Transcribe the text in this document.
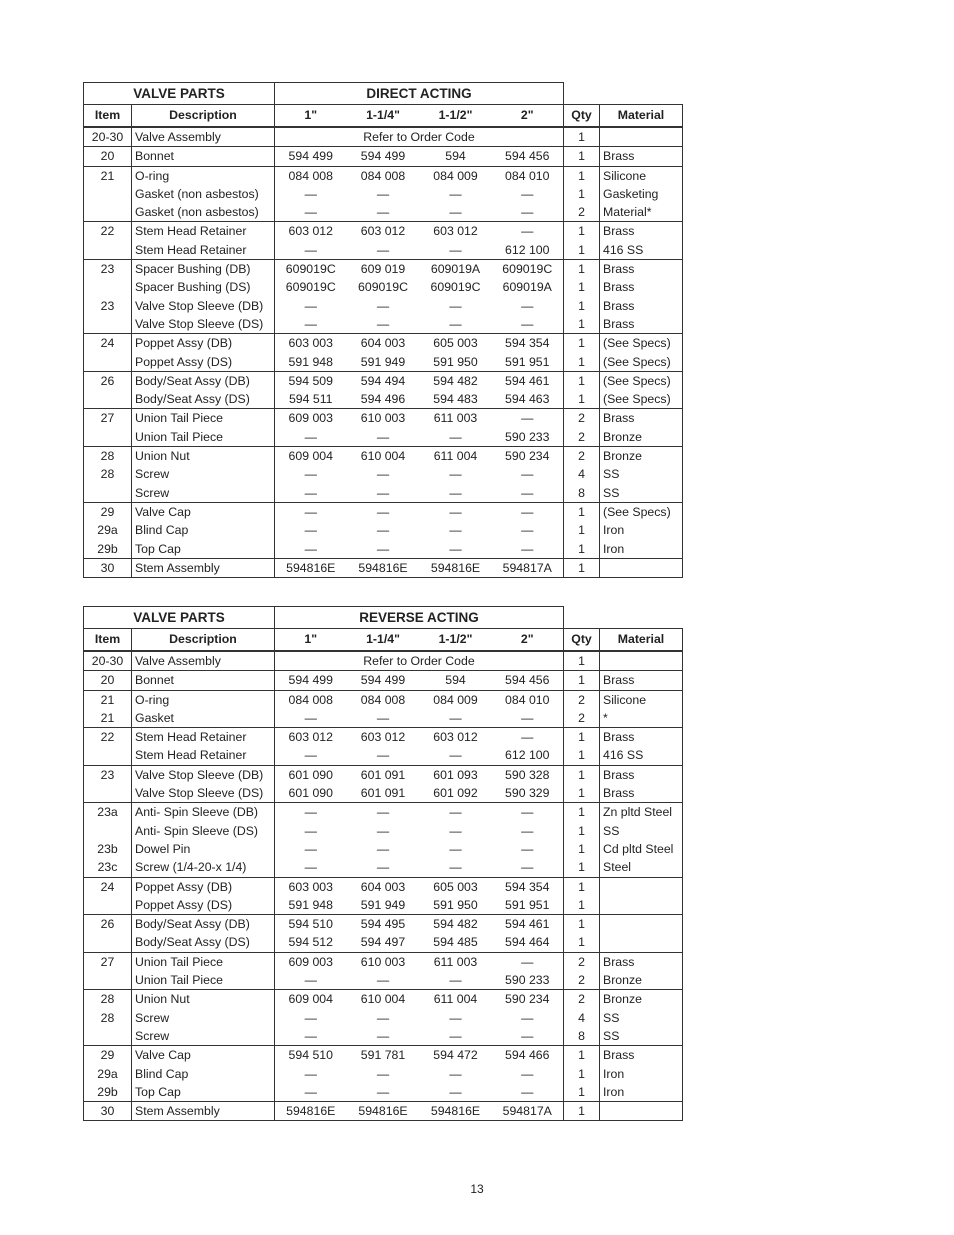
VALVE PARTS		DIRECT ACTING					
Item	Description	1"	1-1/4"	1-1/2"	2"	Qty	Material
20-30	Valve Assembly	Refer to Order Code				1	
20	Bonnet	594 499	594 499	594	594 456	1	Brass
21	O-ring	084 008	084 008	084 009	084 010	1	Silicone
	Gasket (non asbestos)	—	—	—	—	1	Gasketing
	Gasket (non asbestos)	—	—	—	—	2	Material*
22	Stem Head Retainer	603 012	603 012	603 012	—	1	Brass
	Stem Head Retainer	—	—	—	612 100	1	416 SS
23	Spacer Bushing (DB)	609019C	609 019	609019A	609019C	1	Brass
	Spacer Bushing (DS)	609019C	609019C	609019C	609019A	1	Brass
23	Valve Stop Sleeve (DB)	—	—	—	—	1	Brass
	Valve Stop Sleeve (DS)	—	—	—	—	1	Brass
24	Poppet Assy (DB)	603 003	604 003	605 003	594 354	1	(See Specs)
	Poppet Assy (DS)	591 948	591 949	591 950	591 951	1	(See Specs)
26	Body/Seat Assy (DB)	594 509	594 494	594 482	594 461	1	(See Specs)
	Body/Seat Assy (DS)	594 511	594 496	594 483	594 463	1	(See Specs)
27	Union Tail Piece	609 003	610 003	611 003	—	2	Brass
	Union Tail Piece	—	—	—	590 233	2	Bronze
28	Union Nut	609 004	610 004	611 004	590 234	2	Bronze
28	Screw	—	—	—	—	4	SS
	Screw	—	—	—	—	8	SS
29	Valve Cap	—	—	—	—	1	(See Specs)
29a	Blind Cap	—	—	—	—	1	Iron
29b	Top Cap	—	—	—	—	1	Iron
30	Stem Assembly	594816E	594816E	594816E	594817A	1	
VALVE PARTS		REVERSE ACTING					
Item	Description	1"	1-1/4"	1-1/2"	2"	Qty	Material
20-30	Valve Assembly	Refer to Order Code				1	
20	Bonnet	594 499	594 499	594	594 456	1	Brass
21	O-ring	084 008	084 008	084 009	084 010	2	Silicone
21	Gasket	—	—	—	—	2	*
22	Stem Head Retainer	603 012	603 012	603 012	—	1	Brass
	Stem Head Retainer	—	—	—	612 100	1	416 SS
23	Valve Stop Sleeve (DB)	601 090	601 091	601 093	590 328	1	Brass
	Valve Stop Sleeve (DS)	601 090	601 091	601 092	590 329	1	Brass
23a	Anti- Spin Sleeve (DB)	—	—	—	—	1	Zn pltd Steel
	Anti- Spin Sleeve (DS)	—	—	—	—	1	SS
23b	Dowel Pin	—	—	—	—	1	Cd pltd Steel
23c	Screw (1/4-20-x 1/4)	—	—	—	—	1	Steel
24	Poppet Assy (DB)	603 003	604 003	605 003	594 354	1	
	Poppet Assy (DS)	591 948	591 949	591 950	591 951	1	
26	Body/Seat Assy (DB)	594 510	594 495	594 482	594 461	1	
	Body/Seat Assy (DS)	594 512	594 497	594 485	594 464	1	
27	Union Tail Piece	609 003	610 003	611 003	—	2	Brass
	Union Tail Piece	—	—	—	590 233	2	Bronze
28	Union Nut	609 004	610 004	611 004	590 234	2	Bronze
28	Screw	—	—	—	—	4	SS
	Screw	—	—	—	—	8	SS
29	Valve Cap	594 510	591 781	594 472	594 466	1	Brass
29a	Blind Cap	—	—	—	—	1	Iron
29b	Top Cap	—	—	—	—	1	Iron
30	Stem Assembly	594816E	594816E	594816E	594817A	1	
13
